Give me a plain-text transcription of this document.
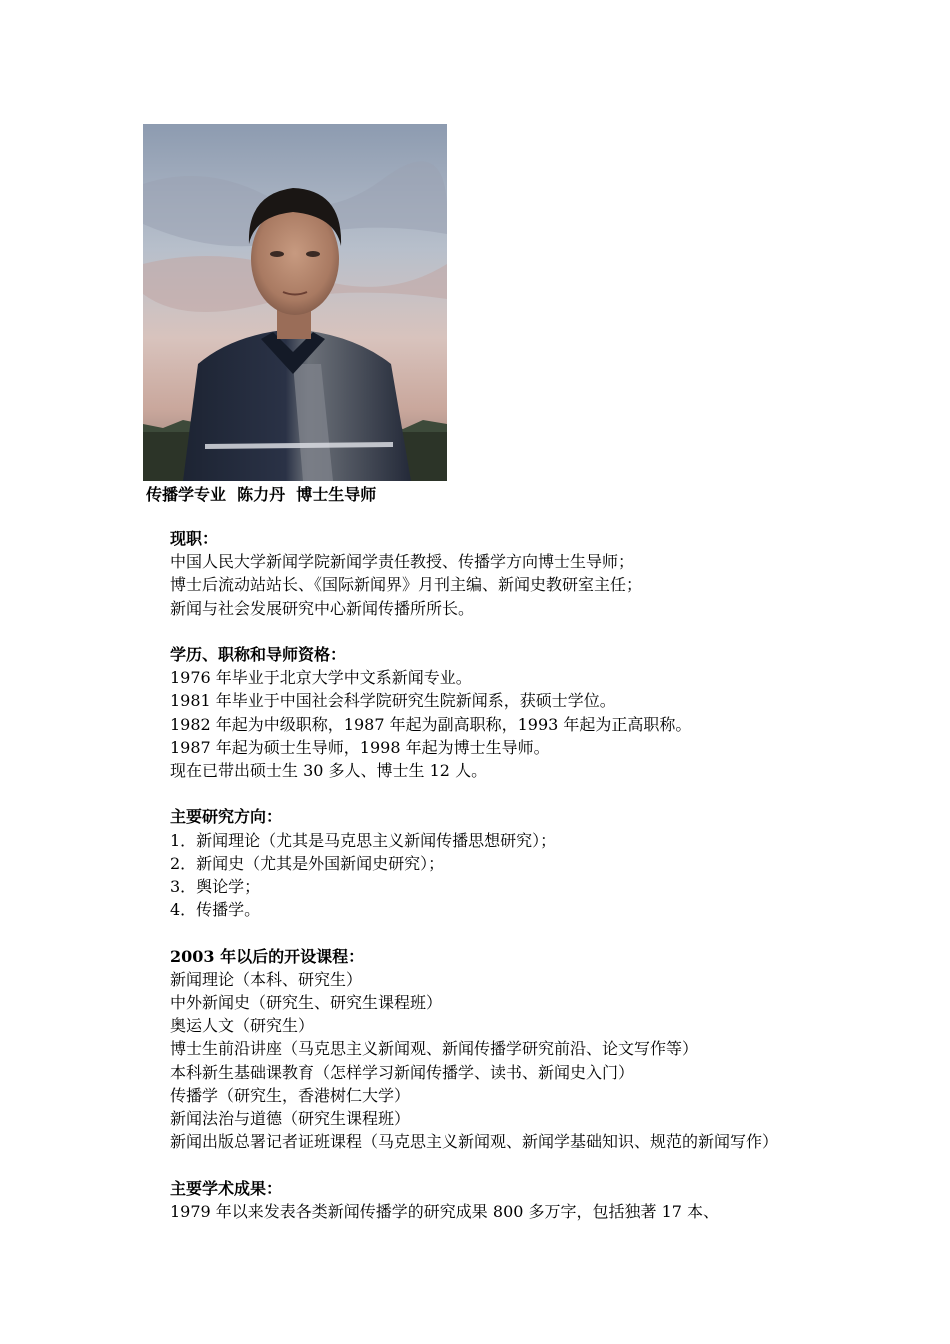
传播学专业  陈力丹  博士生导师
现职：
中国人民大学新闻学院新闻学责任教授、传播学方向博士生导师；
博士后流动站站长、《国际新闻界》月刊主编、新闻史教研室主任；
新闻与社会发展研究中心新闻传播所所长。
学历、职称和导师资格：
1976 年毕业于北京大学中文系新闻专业。
1981 年毕业于中国社会科学院研究生院新闻系，获硕士学位。
1982 年起为中级职称，1987 年起为副高职称，1993 年起为正高职称。
1987 年起为硕士生导师，1998 年起为博士生导师。
现在已带出硕士生 30 多人、博士生 12 人。
主要研究方向：
1．新闻理论（尤其是马克思主义新闻传播思想研究）；
2．新闻史（尤其是外国新闻史研究）；
3．舆论学；
4．传播学。
2003 年以后的开设课程：
新闻理论（本科、研究生）
中外新闻史（研究生、研究生课程班）
奥运人文（研究生）
博士生前沿讲座（马克思主义新闻观、新闻传播学研究前沿、论文写作等）
本科新生基础课教育（怎样学习新闻传播学、读书、新闻史入门）
传播学（研究生，香港树仁大学）
新闻法治与道德（研究生课程班）
新闻出版总署记者证班课程（马克思主义新闻观、新闻学基础知识、规范的新闻写作）
主要学术成果：
1979 年以来发表各类新闻传播学的研究成果 800 多万字，包括独著 17 本、
